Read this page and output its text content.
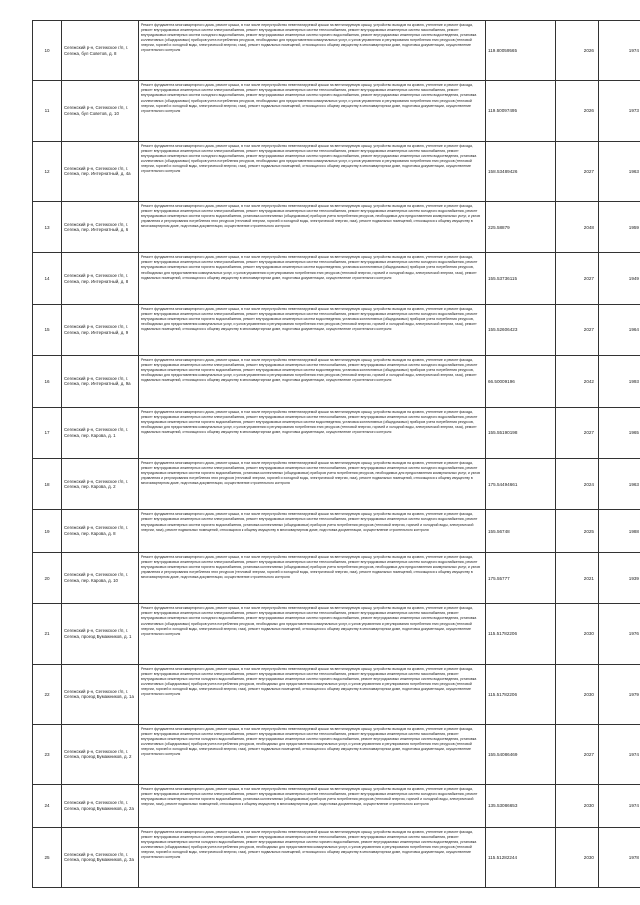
10	Сегежский р-н, Сегежское г/п, г. Сегежа, бул Советов, д. 8	Ремонт фундамента многоквартирного дома, ремонт крыши, в том числе переустройство невентилируемой крыши на вентилируемую крышу, устройство выходов на кровлю, утепление и ремонт фасада, ремонт внутридомовых инженерных систем электроснабжения, ремонт внутридомовых инженерных систем теплоснабжения, ремонт внутридомовых инженерных систем газоснабжения, ремонт внутридомовых инженерных систем холодного водоснабжения, ремонт внутридомовых инженерных систем горячего водоснабжения, ремонт внутридомовых инженерных систем водоотведения, установка коллективных (общедомовых) приборов учета потребления ресурсов, необходимых для предоставления коммунальных услуг, и узлов управления и регулирования потребления этих ресурсов (тепловой энергии, горячей и холодной воды, электрической энергии, газа), ремонт подвальных помещений, относящихся к общему имуществу в многоквартирном доме, подготовка документации, осуществление строительного контроля	119.80059565	2026	1974
11	Сегежский р-н, Сегежское г/п, г. Сегежа, бул Советов, д. 10	Ремонт фундамента многоквартирного дома, ремонт крыши, в том числе переустройство невентилируемой крыши на вентилируемую крышу, устройство выходов на кровлю, утепление и ремонт фасада, ремонт внутридомовых инженерных систем электроснабжения, ремонт внутридомовых инженерных систем теплоснабжения, ремонт внутридомовых инженерных систем газоснабжения, ремонт внутридомовых инженерных систем холодного водоснабжения, ремонт внутридомовых инженерных систем горячего водоснабжения, ремонт внутридомовых инженерных систем водоотведения, установка коллективных (общедомовых) приборов учета потребления ресурсов, необходимых для предоставления коммунальных услуг, и узлов управления и регулирования потребления этих ресурсов (тепловой энергии, горячей и холодной воды, электрической энергии, газа), ремонт подвальных помещений, относящихся к общему имуществу в многоквартирном доме, подготовка документации, осуществление строительного контроля	119.50097495	2026	1973
12	Сегежский р-н, Сегежское г/п, г. Сегежа, пер. Интернатный, д. 4а	Ремонт фундамента многоквартирного дома, ремонт крыши, в том числе переустройство невентилируемой крыши на вентилируемую крышу, устройство выходов на кровлю, утепление и ремонт фасада, ремонт внутридомовых инженерных систем электроснабжения, ремонт внутридомовых инженерных систем теплоснабжения, ремонт внутридомовых инженерных систем газоснабжения, ремонт внутридомовых инженерных систем холодного водоснабжения, ремонт внутридомовых инженерных систем горячего водоснабжения, ремонт внутридомовых инженерных систем водоотведения, установка коллективных (общедомовых) приборов учета потребления ресурсов, необходимых для предоставления коммунальных услуг, и узлов управления и регулирования потребления этих ресурсов (тепловой энергии, горячей и холодной воды, электрической энергии, газа), ремонт подвальных помещений, относящихся к общему имуществу в многоквартирном доме, подготовка документации, осуществление строительного контроля	158.53489426	2027	1963
13	Сегежский р-н, Сегежское г/п, г. Сегежа, пер. Интернатный, д. 6	Ремонт фундамента многоквартирного дома, ремонт крыши, в том числе переустройство невентилируемой крыши на вентилируемую крышу, устройство выходов на кровлю, утепление и ремонт фасада, ремонт внутридомовых инженерных систем электроснабжения, ремонт внутридомовых инженерных систем теплоснабжения, ремонт внутридомовых инженерных систем холодного водоснабжения, ремонт внутридомовых инженерных систем горячего водоснабжения, установка коллективных (общедомовых) приборов учета потребления ресурсов, необходимых для предоставления коммунальных услуг, и узлов управления и регулирования потребления этих ресурсов (тепловой энергии, горячей и холодной воды, электрической энергии, газа), ремонт подвальных помещений, относящихся к общему имуществу в многоквартирном доме, подготовка документации, осуществление строительного контроля	225.58879	2048	1959
14	Сегежский р-н, Сегежское г/п, г. Сегежа, пер. Интернатный, д. 8	Ремонт фундамента многоквартирного дома, ремонт крыши, в том числе переустройство невентилируемой крыши на вентилируемую крышу, устройство выходов на кровлю, утепление и ремонт фасада, ремонт внутридомовых инженерных систем электроснабжения, ремонт внутридомовых инженерных систем теплоснабжения, ремонт внутридомовых инженерных систем холодного водоснабжения, ремонт внутридомовых инженерных систем горячего водоснабжения, ремонт внутридомовых инженерных систем водоотведения, установка коллективных (общедомовых) приборов учета потребления ресурсов, необходимых для предоставления коммунальных услуг, и узлов управления и регулирования потребления этих ресурсов (тепловой энергии, горячей и холодной воды, электрической энергии, газа), ремонт подвальных помещений, относящихся к общему имуществу в многоквартирном доме, подготовка документации, осуществление строительного контроля	155.53736115	2027	1949
15	Сегежский р-н, Сегежское г/п, г. Сегежа, пер. Интернатный, д. 9	Ремонт фундамента многоквартирного дома, ремонт крыши, в том числе переустройство невентилируемой крыши на вентилируемую крышу, устройство выходов на кровлю, утепление и ремонт фасада, ремонт внутридомовых инженерных систем электроснабжения, ремонт внутридомовых инженерных систем теплоснабжения, ремонт внутридомовых инженерных систем холодного водоснабжения, ремонт внутридомовых инженерных систем горячего водоснабжения, ремонт внутридомовых инженерных систем водоотведения, установка коллективных (общедомовых) приборов учета потребления ресурсов, необходимых для предоставления коммунальных услуг, и узлов управления и регулирования потребления этих ресурсов (тепловой энергии, горячей и холодной воды, электрической энергии, газа), ремонт подвальных помещений, относящихся к общему имуществу в многоквартирном доме, подготовка документации, осуществление строительного контроля	155.52606423	2027	1964
16	Сегежский р-н, Сегежское г/п, г. Сегежа, пер. Интернатный, д. 9а	Ремонт фундамента многоквартирного дома, ремонт крыши, в том числе переустройство невентилируемой крыши на вентилируемую крышу, устройство выходов на кровлю, утепление и ремонт фасада, ремонт внутридомовых инженерных систем электроснабжения, ремонт внутридомовых инженерных систем теплоснабжения, ремонт внутридомовых инженерных систем холодного водоснабжения, ремонт внутридомовых инженерных систем горячего водоснабжения, ремонт внутридомовых инженерных систем водоотведения, установка коллективных (общедомовых) приборов учета потребления ресурсов, необходимых для предоставления коммунальных услуг, и узлов управления и регулирования потребления этих ресурсов (тепловой энергии, горячей и холодной воды, электрической энергии, газа), ремонт подвальных помещений, относящихся к общему имуществу в многоквартирном доме, подготовка документации, осуществление строительного контроля	66.50009196	2042	1993
17	Сегежский р-н, Сегежское г/п, г. Сегежа, пер. Карова, д. 1	Ремонт фундамента многоквартирного дома, ремонт крыши, в том числе переустройство невентилируемой крыши на вентилируемую крышу, устройство выходов на кровлю, утепление и ремонт фасада, ремонт внутридомовых инженерных систем электроснабжения, ремонт внутридомовых инженерных систем теплоснабжения, ремонт внутридомовых инженерных систем холодного водоснабжения, ремонт внутридомовых инженерных систем горячего водоснабжения, ремонт внутридомовых инженерных систем водоотведения, установка коллективных (общедомовых) приборов учета потребления ресурсов, необходимых для предоставления коммунальных услуг, и узлов управления и регулирования потребления этих ресурсов (тепловой энергии, горячей и холодной воды, электрической энергии, газа), ремонт подвальных помещений, относящихся к общему имуществу в многоквартирном доме, подготовка документации, осуществление строительного контроля	155.55190198	2027	1965
18	Сегежский р-н, Сегежское г/п, г. Сегежа, пер. Карова, д. 2	Ремонт фундамента многоквартирного дома, ремонт крыши, в том числе переустройство невентилируемой крыши на вентилируемую крышу, устройство выходов на кровлю, утепление и ремонт фасада, ремонт внутридомовых инженерных систем электроснабжения, ремонт внутридомовых инженерных систем теплоснабжения, ремонт внутридомовых инженерных систем холодного водоснабжения, ремонт внутридомовых инженерных систем горячего водоснабжения, установка коллективных (общедомовых) приборов учета потребления ресурсов, необходимых для предоставления коммунальных услуг, и узлов управления и регулирования потребления этих ресурсов (тепловой энергии, горячей и холодной воды, электрической энергии, газа), ремонт подвальных помещений, относящихся к общему имуществу в многоквартирном доме, подготовка документации, осуществление строительного контроля	175.54494661	2024	1963
19	Сегежский р-н, Сегежское г/п, г. Сегежа, пер. Карова, д. 8	Ремонт фундамента многоквартирного дома, ремонт крыши, в том числе переустройство невентилируемой крыши на вентилируемую крышу, устройство выходов на кровлю, утепление и ремонт фасада, ремонт внутридомовых инженерных систем электроснабжения, ремонт внутридомовых инженерных систем теплоснабжения, ремонт внутридомовых инженерных систем холодного водоснабжения, ремонт внутридомовых инженерных систем горячего водоснабжения, установка коллективных (общедомовых) приборов учета потребления ресурсов (тепловой энергии, горячей и холодной воды, электрической энергии, газа), ремонт подвальных помещений, относящихся к общему имуществу в многоквартирном доме, подготовка документации, осуществление строительного контроля	155.56748	2025	1988
20	Сегежский р-н, Сегежское г/п, г. Сегежа, пер. Карова, д. 10	Ремонт фундамента многоквартирного дома, ремонт крыши, в том числе переустройство невентилируемой крыши на вентилируемую крышу, устройство выходов на кровлю, утепление и ремонт фасада, ремонт внутридомовых инженерных систем электроснабжения, ремонт внутридомовых инженерных систем теплоснабжения, ремонт внутридомовых инженерных систем холодного водоснабжения, ремонт внутридомовых инженерных систем горячего водоснабжения, установка коллективных (общедомовых) приборов учета потребления ресурсов, необходимых для предоставления коммунальных услуг, и узлов управления и регулирования потребления этих ресурсов (тепловой энергии, горячей и холодной воды, электрической энергии, газа), ремонт подвальных помещений, относящихся к общему имуществу в многоквартирном доме, подготовка документации, осуществление строительного контроля	175.55777	2021	1939
21	Сегежский р-н, Сегежское г/п, г. Сегежа, проезд Бумажников, д. 1	Ремонт фундамента многоквартирного дома, ремонт крыши, в том числе переустройство невентилируемой крыши на вентилируемую крышу, устройство выходов на кровлю, утепление и ремонт фасада, ремонт внутридомовых инженерных систем электроснабжения, ремонт внутридомовых инженерных систем теплоснабжения, ремонт внутридомовых инженерных систем газоснабжения, ремонт внутридомовых инженерных систем холодного водоснабжения, ремонт внутридомовых инженерных систем горячего водоснабжения, ремонт внутридомовых инженерных систем водоотведения, установка коллективных (общедомовых) приборов учета потребления ресурсов, необходимых для предоставления коммунальных услуг, и узлов управления и регулирования потребления этих ресурсов (тепловой энергии, горячей и холодной воды, электрической энергии, газа), ремонт подвальных помещений, относящихся к общему имуществу в многоквартирном доме, подготовка документации, осуществление строительного контроля	115.51782206	2030	1976
22	Сегежский р-н, Сегежское г/п, г. Сегежа, проезд Бумажников, д. 1а	Ремонт фундамента многоквартирного дома, ремонт крыши, в том числе переустройство невентилируемой крыши на вентилируемую крышу, устройство выходов на кровлю, утепление и ремонт фасада, ремонт внутридомовых инженерных систем электроснабжения, ремонт внутридомовых инженерных систем теплоснабжения, ремонт внутридомовых инженерных систем газоснабжения, ремонт внутридомовых инженерных систем холодного водоснабжения, ремонт внутридомовых инженерных систем горячего водоснабжения, ремонт внутридомовых инженерных систем водоотведения, установка коллективных (общедомовых) приборов учета потребления ресурсов, необходимых для предоставления коммунальных услуг, и узлов управления и регулирования потребления этих ресурсов (тепловой энергии, горячей и холодной воды, электрической энергии, газа), ремонт подвальных помещений, относящихся к общему имуществу в многоквартирном доме, подготовка документации, осуществление строительного контроля	115.51782206	2030	1979
23	Сегежский р-н, Сегежское г/п, г. Сегежа, проезд Бумажников, д. 2	Ремонт фундамента многоквартирного дома, ремонт крыши, в том числе переустройство невентилируемой крыши на вентилируемую крышу, устройство выходов на кровлю, утепление и ремонт фасада, ремонт внутридомовых инженерных систем электроснабжения, ремонт внутридомовых инженерных систем теплоснабжения, ремонт внутридомовых инженерных систем газоснабжения, ремонт внутридомовых инженерных систем холодного водоснабжения, ремонт внутридомовых инженерных систем горячего водоснабжения, ремонт внутридомовых инженерных систем водоотведения, установка коллективных (общедомовых) приборов учета потребления ресурсов, необходимых для предоставления коммунальных услуг, и узлов управления и регулирования потребления этих ресурсов (тепловой энергии, горячей и холодной воды, электрической энергии, газа), ремонт подвальных помещений, относящихся к общему имуществу в многоквартирном доме, подготовка документации, осуществление строительного контроля	155.54086469	2027	1974
24	Сегежский р-н, Сегежское г/п, г. Сегежа, проезд Бумажников, д. 2а	Ремонт фундамента многоквартирного дома, ремонт крыши, в том числе переустройство невентилируемой крыши на вентилируемую крышу, устройство выходов на кровлю, утепление и ремонт фасада, ремонт внутридомовых инженерных систем электроснабжения, ремонт внутридомовых инженерных систем теплоснабжения, ремонт внутридомовых инженерных систем холодного водоснабжения, ремонт внутридомовых инженерных систем горячего водоснабжения, установка коллективных (общедомовых) приборов учета потребления ресурсов (тепловой энергии, горячей и холодной воды, электрической энергии, газа), ремонт подвальных помещений, относящихся к общему имуществу в многоквартирном доме, подготовка документации, осуществление строительного контроля	135.53086653	2030	1974
25	Сегежский р-н, Сегежское г/п, г. Сегежа, проезд Бумажников, д. 3а	Ремонт фундамента многоквартирного дома, ремонт крыши, в том числе переустройство невентилируемой крыши на вентилируемую крышу, устройство выходов на кровлю, утепление и ремонт фасада, ремонт внутридомовых инженерных систем электроснабжения, ремонт внутридомовых инженерных систем теплоснабжения, ремонт внутридомовых инженерных систем газоснабжения, ремонт внутридомовых инженерных систем холодного водоснабжения, ремонт внутридомовых инженерных систем горячего водоснабжения, ремонт внутридомовых инженерных систем водоотведения, установка коллективных (общедомовых) приборов учета потребления ресурсов, необходимых для предоставления коммунальных услуг, и узлов управления и регулирования потребления этих ресурсов (тепловой энергии, горячей и холодной воды, электрической энергии, газа), ремонт подвальных помещений, относящихся к общему имуществу в многоквартирном доме, подготовка документации, осуществление строительного контроля	115.51282244	2030	1978
